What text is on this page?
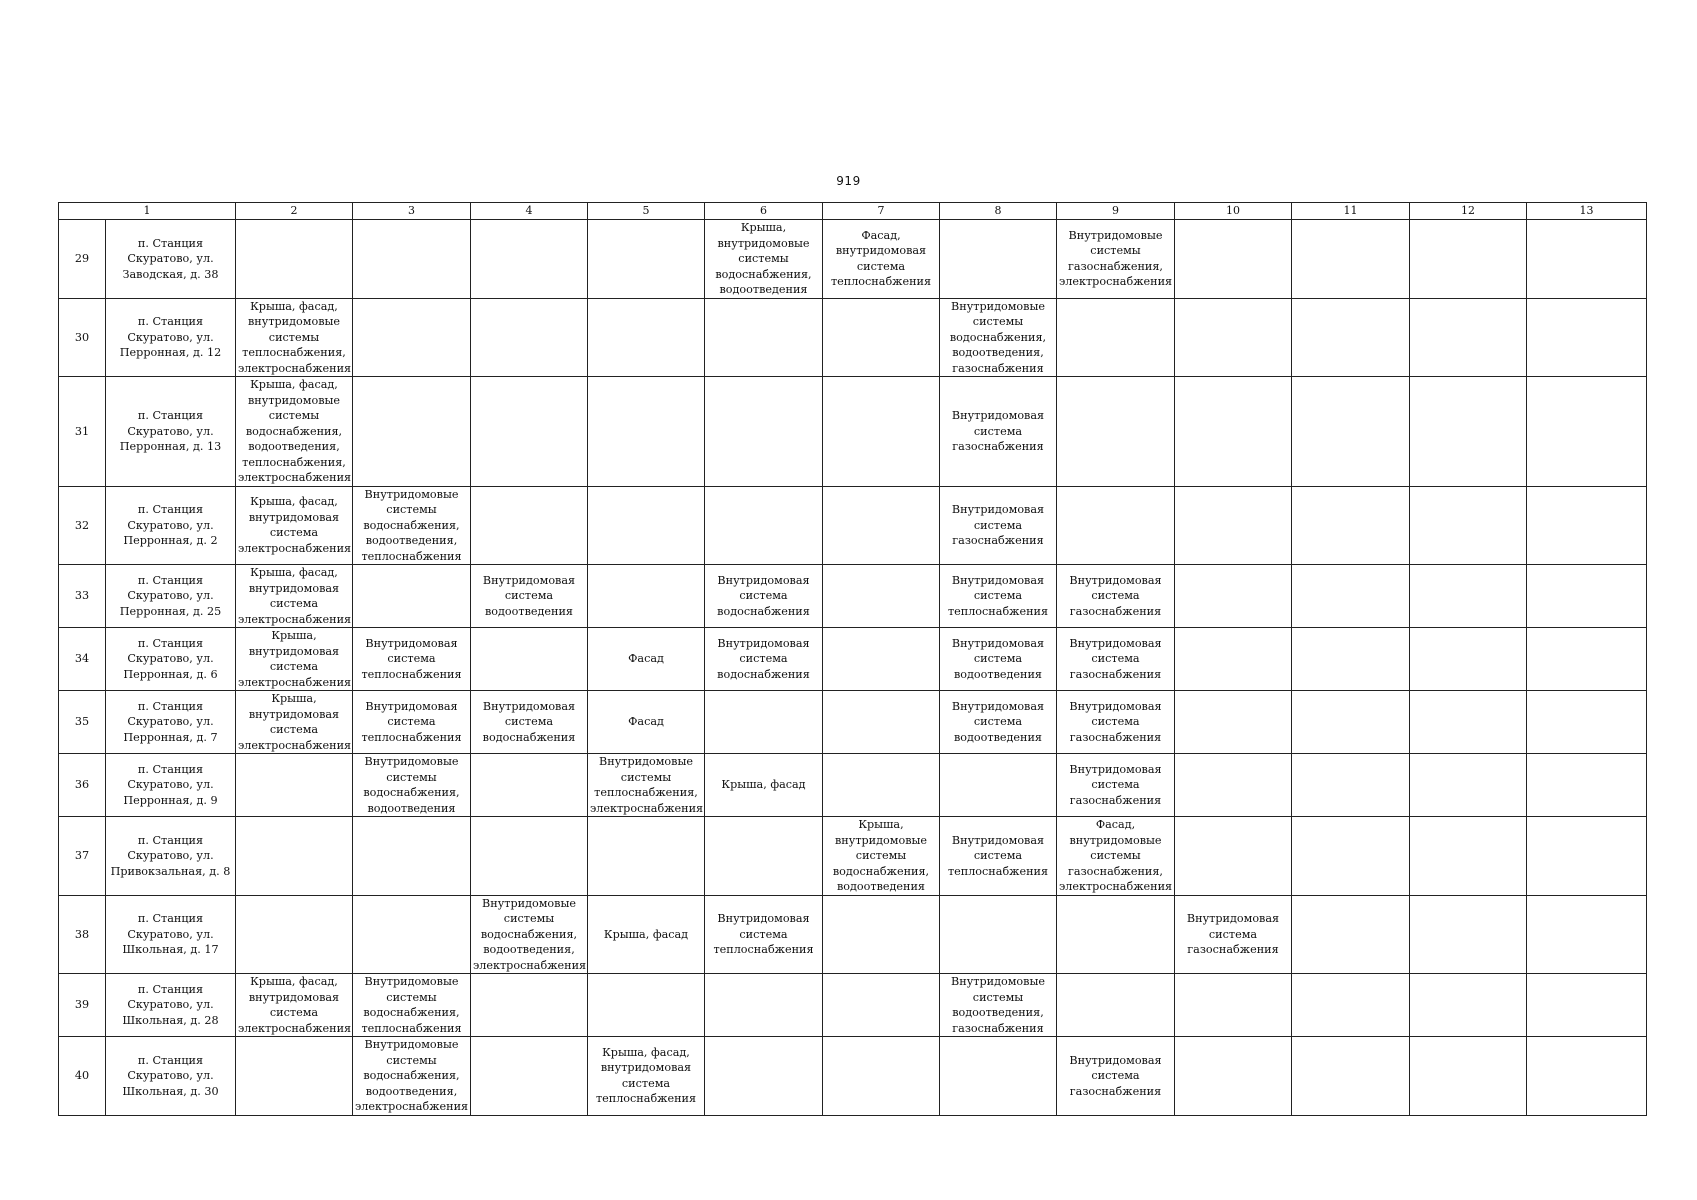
919
1		2	3	4	5	6	7	8	9	10	11	12	13
29	п. Станция Скуратово, ул. Заводская, д. 38					Крыша, внутридомовые системы водоснабжения, водоотведения	Фасад, внутридомовая система теплоснабжения		Внутридомовые системы газоснабжения, электроснабжения				
30	п. Станция Скуратово, ул. Перронная, д. 12	Крыша, фасад, внутридомовые системы теплоснабжения, электроснабжения						Внутридомовые системы водоснабжения, водоотведения, газоснабжения					
31	п. Станция Скуратово, ул. Перронная, д. 13	Крыша, фасад, внутридомовые системы водоснабжения, водоотведения, теплоснабжения, электроснабжения						Внутридомовая система газоснабжения					
32	п. Станция Скуратово, ул. Перронная, д. 2	Крыша, фасад, внутридомовая система электроснабжения	Внутридомовые системы водоснабжения, водоотведения, теплоснабжения					Внутридомовая система газоснабжения					
33	п. Станция Скуратово, ул. Перронная, д. 25	Крыша, фасад, внутридомовая система электроснабжения		Внутридомовая система водоотведения		Внутридомовая система водоснабжения		Внутридомовая система теплоснабжения	Внутридомовая система газоснабжения				
34	п. Станция Скуратово, ул. Перронная, д. 6	Крыша, внутридомовая система электроснабжения	Внутридомовая система теплоснабжения		Фасад	Внутридомовая система водоснабжения		Внутридомовая система водоотведения	Внутридомовая система газоснабжения				
35	п. Станция Скуратово, ул. Перронная, д. 7	Крыша, внутридомовая система электроснабжения	Внутридомовая система теплоснабжения	Внутридомовая система водоснабжения	Фасад			Внутридомовая система водоотведения	Внутридомовая система газоснабжения				
36	п. Станция Скуратово, ул. Перронная, д. 9		Внутридомовые системы водоснабжения, водоотведения		Внутридомовые системы теплоснабжения, электроснабжения	Крыша, фасад			Внутридомовая система газоснабжения				
37	п. Станция Скуратово, ул. Привокзальная, д. 8						Крыша, внутридомовые системы водоснабжения, водоотведения	Внутридомовая система теплоснабжения	Фасад, внутридомовые системы газоснабжения, электроснабжения				
38	п. Станция Скуратово, ул. Школьная, д. 17			Внутридомовые системы водоснабжения, водоотведения, электроснабжения	Крыша, фасад	Внутридомовая система теплоснабжения				Внутридомовая система газоснабжения			
39	п. Станция Скуратово, ул. Школьная, д. 28	Крыша, фасад, внутридомовая система электроснабжения	Внутридомовые системы водоснабжения, теплоснабжения					Внутридомовые системы водоотведения, газоснабжения					
40	п. Станция Скуратово, ул. Школьная, д. 30		Внутридомовые системы водоснабжения, водоотведения, электроснабжения		Крыша, фасад, внутридомовая система теплоснабжения				Внутридомовая система газоснабжения				
